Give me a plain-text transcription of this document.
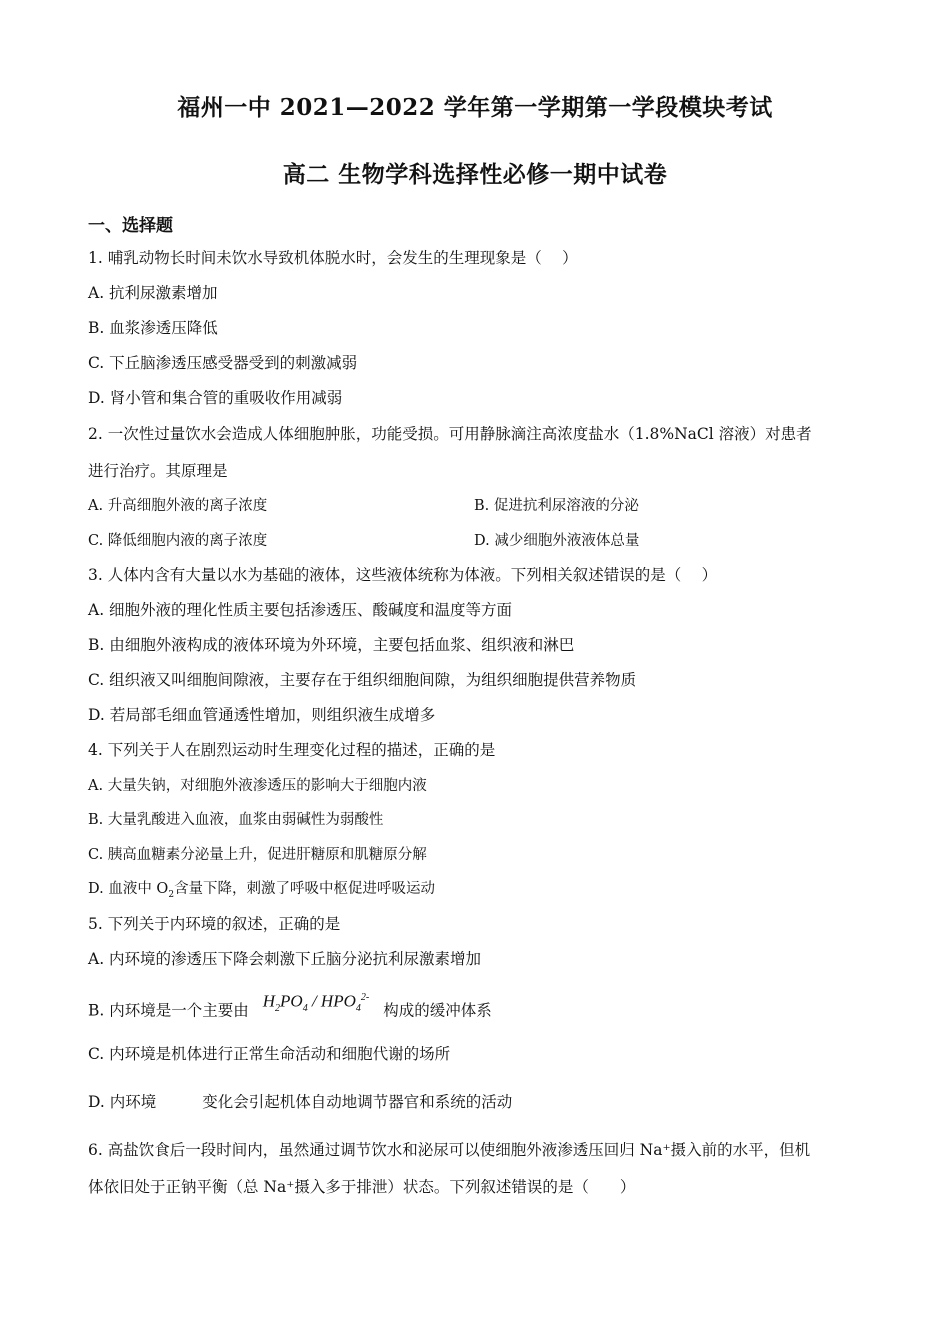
福州一中 2021—2022 学年第一学期第一学段模块考试
高二 生物学科选择性必修一期中试卷
一、选择题
1. 哺乳动物长时间未饮水导致机体脱水时，会发生的生理现象是（　 ）
A. 抗利尿激素增加
B. 血浆渗透压降低
C. 下丘脑渗透压感受器受到的刺激减弱
D. 肾小管和集合管的重吸收作用减弱
2. 一次性过量饮水会造成人体细胞肿胀，功能受损。可用静脉滴注高浓度盐水（1.8%NaCl 溶液）对患者
进行治疗。其原理是
A. 升高细胞外液的离子浓度	B. 促进抗利尿溶液的分泌
C. 降低细胞内液的离子浓度	D. 减少细胞外液液体总量
3. 人体内含有大量以水为基础的液体，这些液体统称为体液。下列相关叙述错误的是（　 ）
A. 细胞外液的理化性质主要包括渗透压、酸碱度和温度等方面
B. 由细胞外液构成的液体环境为外环境，主要包括血浆、组织液和淋巴
C. 组织液又叫细胞间隙液，主要存在于组织细胞间隙，为组织细胞提供营养物质
D. 若局部毛细血管通透性增加，则组织液生成增多
4. 下列关于人在剧烈运动时生理变化过程的描述，正确的是
A. 大量失钠，对细胞外液渗透压的影响大于细胞内液
B. 大量乳酸进入血液，血浆由弱碱性为弱酸性
C. 胰高血糖素分泌量上升，促进肝糖原和肌糖原分解
D. 血液中 $O_2$含量下降，刺激了呼吸中枢促进呼吸运动
5. 下列关于内环境的叙述，正确的是
A. 内环境的渗透压下降会刺激下丘脑分泌抗利尿激素增加
B. 内环境是一个主要由 $H_2PO_4 / HPO_4^{2-}$构成的缓冲体系
C. 内环境是机体进行正常生命活动和细胞代谢的场所
D. 内环境	变化会引起机体自动地调节器官和系统的活动
6. 高盐饮食后一段时间内，虽然通过调节饮水和泌尿可以使细胞外液渗透压回归 Na⁺摄入前的水平，但机
体依旧处于正钠平衡（总 Na⁺摄入多于排泄）状态。下列叙述错误的是（　　）
